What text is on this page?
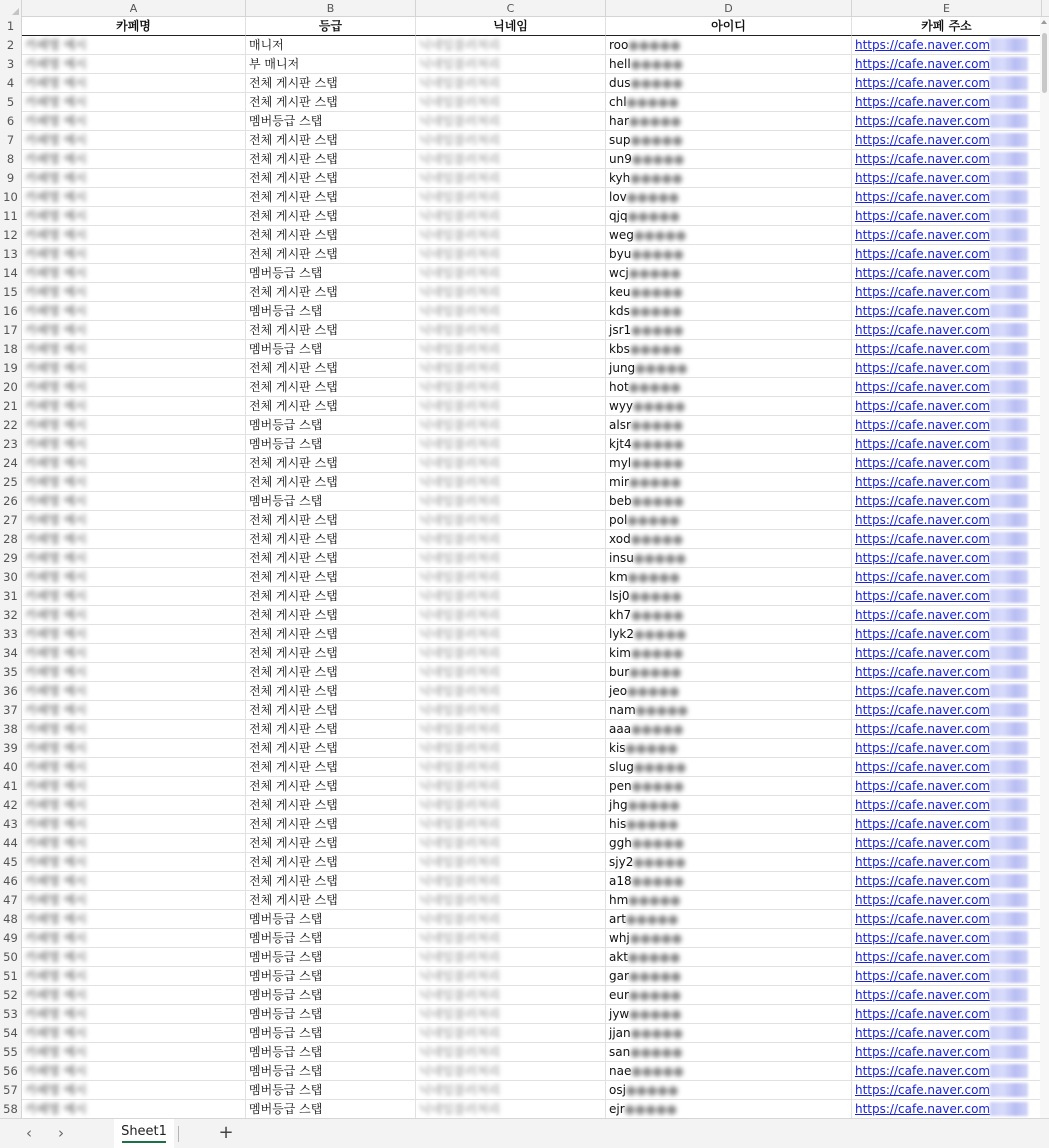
A	B	C	D	E
1	카페명	등급	닉네임	아이디	카페 주소
2 카페명 예시	매니저	닉네임블러처리	roo●●●●●	https://cafe.naver.com
3 카페명 예시	부 매니저	닉네임블러처리	hell●●●●●	https://cafe.naver.com
4 카페명 예시	전체 게시판 스탭	닉네임블러처리	dus●●●●●	https://cafe.naver.com
5 카페명 예시	전체 게시판 스탭	닉네임블러처리	chl●●●●●	https://cafe.naver.com
6 카페명 예시	멤버등급 스탭	닉네임블러처리	har●●●●●	https://cafe.naver.com
7 카페명 예시	전체 게시판 스탭	닉네임블러처리	sup●●●●●	https://cafe.naver.com
8 카페명 예시	전체 게시판 스탭	닉네임블러처리	un9●●●●●	https://cafe.naver.com
9 카페명 예시	전체 게시판 스탭	닉네임블러처리	kyh●●●●●	https://cafe.naver.com
10 카페명 예시	전체 게시판 스탭	닉네임블러처리	lov●●●●●	https://cafe.naver.com
11 카페명 예시	전체 게시판 스탭	닉네임블러처리	qjq●●●●●	https://cafe.naver.com
12 카페명 예시	전체 게시판 스탭	닉네임블러처리	weg●●●●●	https://cafe.naver.com
13 카페명 예시	전체 게시판 스탭	닉네임블러처리	byu●●●●●	https://cafe.naver.com
14 카페명 예시	멤버등급 스탭	닉네임블러처리	wcj●●●●●	https://cafe.naver.com
15 카페명 예시	전체 게시판 스탭	닉네임블러처리	keu●●●●●	https://cafe.naver.com
16 카페명 예시	멤버등급 스탭	닉네임블러처리	kds●●●●●	https://cafe.naver.com
17 카페명 예시	전체 게시판 스탭	닉네임블러처리	jsr1●●●●●	https://cafe.naver.com
18 카페명 예시	멤버등급 스탭	닉네임블러처리	kbs●●●●●	https://cafe.naver.com
19 카페명 예시	전체 게시판 스탭	닉네임블러처리	jung●●●●●	https://cafe.naver.com
20 카페명 예시	전체 게시판 스탭	닉네임블러처리	hot●●●●●	https://cafe.naver.com
21 카페명 예시	전체 게시판 스탭	닉네임블러처리	wyy●●●●●	https://cafe.naver.com
22 카페명 예시	멤버등급 스탭	닉네임블러처리	alsr●●●●●	https://cafe.naver.com
23 카페명 예시	멤버등급 스탭	닉네임블러처리	kjt4●●●●●	https://cafe.naver.com
24 카페명 예시	전체 게시판 스탭	닉네임블러처리	myl●●●●●	https://cafe.naver.com
25 카페명 예시	전체 게시판 스탭	닉네임블러처리	mir●●●●●	https://cafe.naver.com
26 카페명 예시	멤버등급 스탭	닉네임블러처리	beb●●●●●	https://cafe.naver.com
27 카페명 예시	전체 게시판 스탭	닉네임블러처리	pol●●●●●	https://cafe.naver.com
28 카페명 예시	전체 게시판 스탭	닉네임블러처리	xod●●●●●	https://cafe.naver.com
29 카페명 예시	전체 게시판 스탭	닉네임블러처리	insu●●●●●	https://cafe.naver.com
30 카페명 예시	전체 게시판 스탭	닉네임블러처리	km●●●●●	https://cafe.naver.com
31 카페명 예시	전체 게시판 스탭	닉네임블러처리	lsj0●●●●●	https://cafe.naver.com
32 카페명 예시	전체 게시판 스탭	닉네임블러처리	kh7●●●●●	https://cafe.naver.com
33 카페명 예시	전체 게시판 스탭	닉네임블러처리	lyk2●●●●●	https://cafe.naver.com
34 카페명 예시	전체 게시판 스탭	닉네임블러처리	kim●●●●●	https://cafe.naver.com
35 카페명 예시	전체 게시판 스탭	닉네임블러처리	bur●●●●●	https://cafe.naver.com
36 카페명 예시	전체 게시판 스탭	닉네임블러처리	jeo●●●●●	https://cafe.naver.com
37 카페명 예시	전체 게시판 스탭	닉네임블러처리	nam●●●●●	https://cafe.naver.com
38 카페명 예시	전체 게시판 스탭	닉네임블러처리	aaa●●●●●	https://cafe.naver.com
39 카페명 예시	전체 게시판 스탭	닉네임블러처리	kis●●●●●	https://cafe.naver.com
40 카페명 예시	전체 게시판 스탭	닉네임블러처리	slug●●●●●	https://cafe.naver.com
41 카페명 예시	전체 게시판 스탭	닉네임블러처리	pen●●●●●	https://cafe.naver.com
42 카페명 예시	전체 게시판 스탭	닉네임블러처리	jhg●●●●●	https://cafe.naver.com
43 카페명 예시	전체 게시판 스탭	닉네임블러처리	his●●●●●	https://cafe.naver.com
44 카페명 예시	전체 게시판 스탭	닉네임블러처리	ggh●●●●●	https://cafe.naver.com
45 카페명 예시	전체 게시판 스탭	닉네임블러처리	sjy2●●●●●	https://cafe.naver.com
46 카페명 예시	전체 게시판 스탭	닉네임블러처리	a18●●●●●	https://cafe.naver.com
47 카페명 예시	전체 게시판 스탭	닉네임블러처리	hm●●●●●	https://cafe.naver.com
48 카페명 예시	멤버등급 스탭	닉네임블러처리	art●●●●●	https://cafe.naver.com
49 카페명 예시	멤버등급 스탭	닉네임블러처리	whj●●●●●	https://cafe.naver.com
50 카페명 예시	멤버등급 스탭	닉네임블러처리	akt●●●●●	https://cafe.naver.com
51 카페명 예시	멤버등급 스탭	닉네임블러처리	gar●●●●●	https://cafe.naver.com
52 카페명 예시	멤버등급 스탭	닉네임블러처리	eur●●●●●	https://cafe.naver.com
53 카페명 예시	멤버등급 스탭	닉네임블러처리	jyw●●●●●	https://cafe.naver.com
54 카페명 예시	멤버등급 스탭	닉네임블러처리	jjan●●●●●	https://cafe.naver.com
55 카페명 예시	멤버등급 스탭	닉네임블러처리	san●●●●●	https://cafe.naver.com
56 카페명 예시	멤버등급 스탭	닉네임블러처리	nae●●●●●	https://cafe.naver.com
57 카페명 예시	멤버등급 스탭	닉네임블러처리	osj●●●●●	https://cafe.naver.com
58 카페명 예시	멤버등급 스탭	닉네임블러처리	ejr●●●●●	https://cafe.naver.com
‹	›	Sheet1	+
